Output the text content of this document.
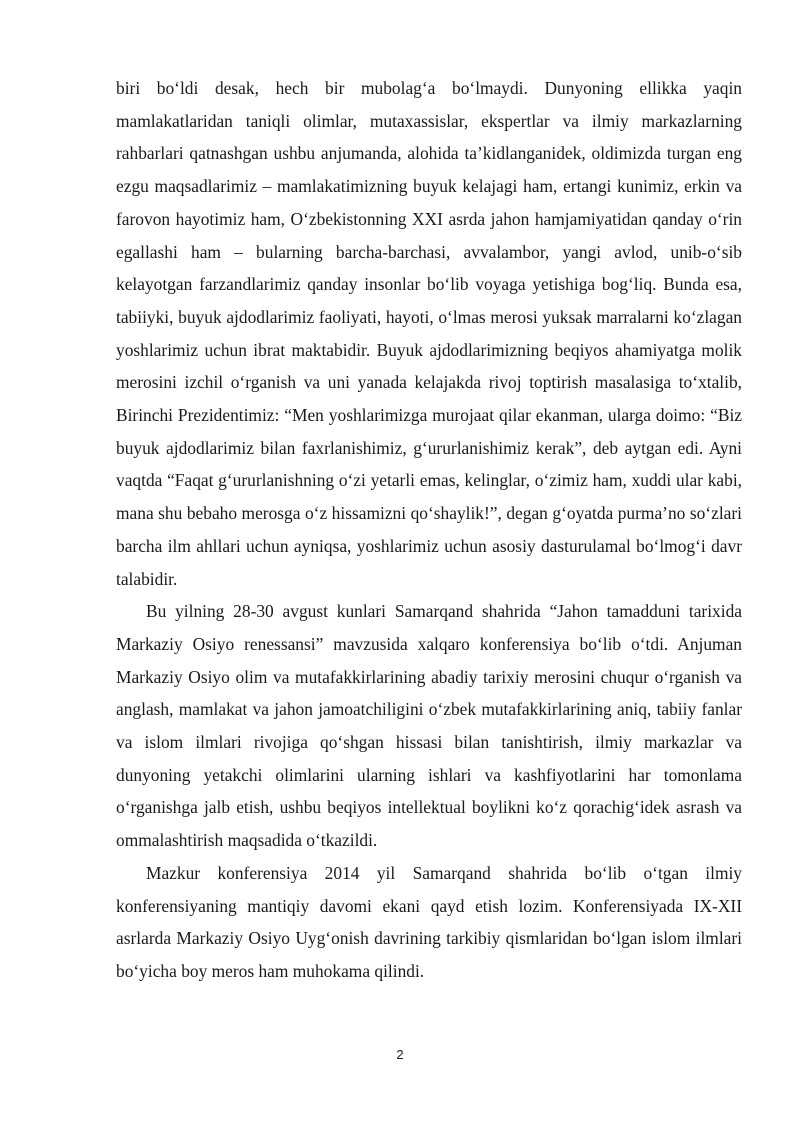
biri boʻldi desak, hech bir mubolagʻa boʻlmaydi. Dunyoning ellikka yaqin mamlakatlaridan taniqli olimlar, mutaxassislar, ekspertlar va ilmiy markazlarning rahbarlari qatnashgan ushbu anjumanda, alohida taʼkidlanganidek, oldimizda turgan eng ezgu maqsadlarimiz – mamlakatimizning buyuk kelajagi ham, ertangi kunimiz, erkin va farovon hayotimiz ham, Oʻzbekistonning XXI asrda jahon hamjamiyatidan qanday oʻrin egallashi ham – bularning barcha-barchasi, avvalambor, yangi avlod, unib-oʻsib kelayotgan farzandlarimiz qanday insonlar boʻlib voyaga yetishiga bogʻliq. Bunda esa, tabiiyki, buyuk ajdodlarimiz faoliyati, hayoti, oʻlmas merosi yuksak marralarni koʻzlagan yoshlarimiz uchun ibrat maktabidir. Buyuk ajdodlarimizning beqiyos ahamiyatga molik merosini izchil oʻrganish va uni yanada kelajakda rivoj toptirish masalasiga toʻxtalib, Birinchi Prezidentimiz: “Men yoshlarimizga murojaat qilar ekanman, ularga doimo: “Biz buyuk ajdodlarimiz bilan faxrlanishimiz, gʻururlanishimiz kerak”, deb aytgan edi. Ayni vaqtda “Faqat gʻururlanishning oʻzi yetarli emas, kelinglar, oʻzimiz ham, xuddi ular kabi, mana shu bebaho merosga oʻz hissamizni qoʻshaylik!”, degan gʻoyatda purmaʼno soʻzlari barcha ilm ahllari uchun ayniqsa, yoshlarimiz uchun asosiy dasturulamal boʻlmogʻi davr talabidir.

Bu yilning 28-30 avgust kunlari Samarqand shahrida “Jahon tamadduni tarixida Markaziy Osiyo renessansi” mavzusida xalqaro konferensiya boʻlib oʻtdi. Anjuman Markaziy Osiyo olim va mutafakkirlarining abadiy tarixiy merosini chuqur oʻrganish va anglash, mamlakat va jahon jamoatchiligini oʻzbek mutafakkirlarining aniq, tabiiy fanlar va islom ilmlari rivojiga qoʻshgan hissasi bilan tanishtirish, ilmiy markazlar va dunyoning yetakchi olimlarini ularning ishlari va kashfiyotlarini har tomonlama oʻrganishga jalb etish, ushbu beqiyos intellektual boylikni koʻz qorachigʻidek asrash va ommalashtirish maqsadida oʻtkazildi.

Mazkur konferensiya 2014 yil Samarqand shahrida boʻlib oʻtgan ilmiy konferensiyaning mantiqiy davomi ekani qayd etish lozim. Konferensiyada IX-XII asrlarda Markaziy Osiyo Uygʻonish davrining tarkibiy qismlaridan boʻlgan islom ilmlari boʻyicha boy meros ham muhokama qilindi.

2
